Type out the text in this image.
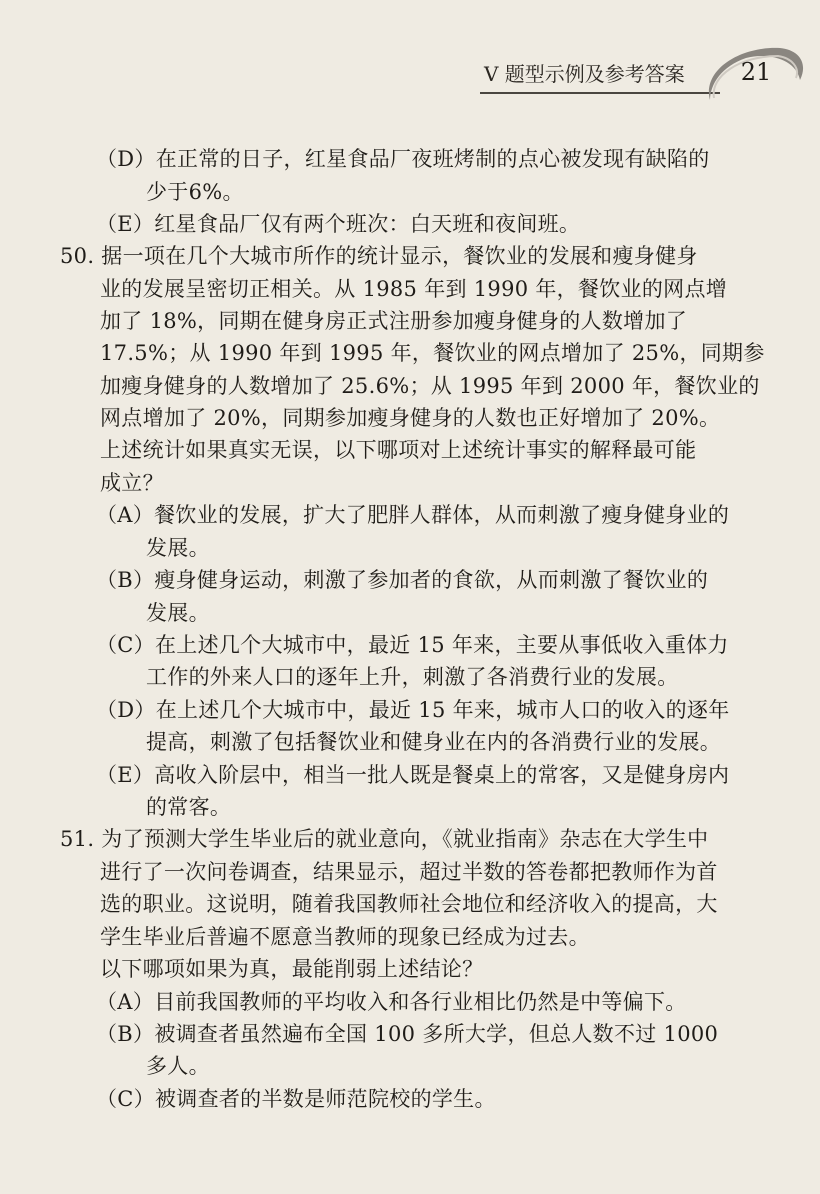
V 题型示例及参考答案	21
（D）在正常的日子，红星食品厂夜班烤制的点心被发现有缺陷的
少于6%。
（E）红星食品厂仅有两个班次：白天班和夜间班。
50. 据一项在几个大城市所作的统计显示，餐饮业的发展和瘦身健身
业的发展呈密切正相关。从 1985 年到 1990 年，餐饮业的网点增
加了 18%，同期在健身房正式注册参加瘦身健身的人数增加了
17.5%；从 1990 年到 1995 年，餐饮业的网点增加了 25%，同期参
加瘦身健身的人数增加了 25.6%；从 1995 年到 2000 年，餐饮业的
网点增加了 20%，同期参加瘦身健身的人数也正好增加了 20%。
上述统计如果真实无误，以下哪项对上述统计事实的解释最可能
成立？
（A）餐饮业的发展，扩大了肥胖人群体，从而刺激了瘦身健身业的
发展。
（B）瘦身健身运动，刺激了参加者的食欲，从而刺激了餐饮业的
发展。
（C）在上述几个大城市中，最近 15 年来，主要从事低收入重体力
工作的外来人口的逐年上升，刺激了各消费行业的发展。
（D）在上述几个大城市中，最近 15 年来，城市人口的收入的逐年
提高，刺激了包括餐饮业和健身业在内的各消费行业的发展。
（E）高收入阶层中，相当一批人既是餐桌上的常客，又是健身房内
的常客。
51. 为了预测大学生毕业后的就业意向，《就业指南》杂志在大学生中
进行了一次问卷调查，结果显示，超过半数的答卷都把教师作为首
选的职业。这说明，随着我国教师社会地位和经济收入的提高，大
学生毕业后普遍不愿意当教师的现象已经成为过去。
以下哪项如果为真，最能削弱上述结论？
（A）目前我国教师的平均收入和各行业相比仍然是中等偏下。
（B）被调查者虽然遍布全国 100 多所大学，但总人数不过 1000
多人。
（C）被调查者的半数是师范院校的学生。
